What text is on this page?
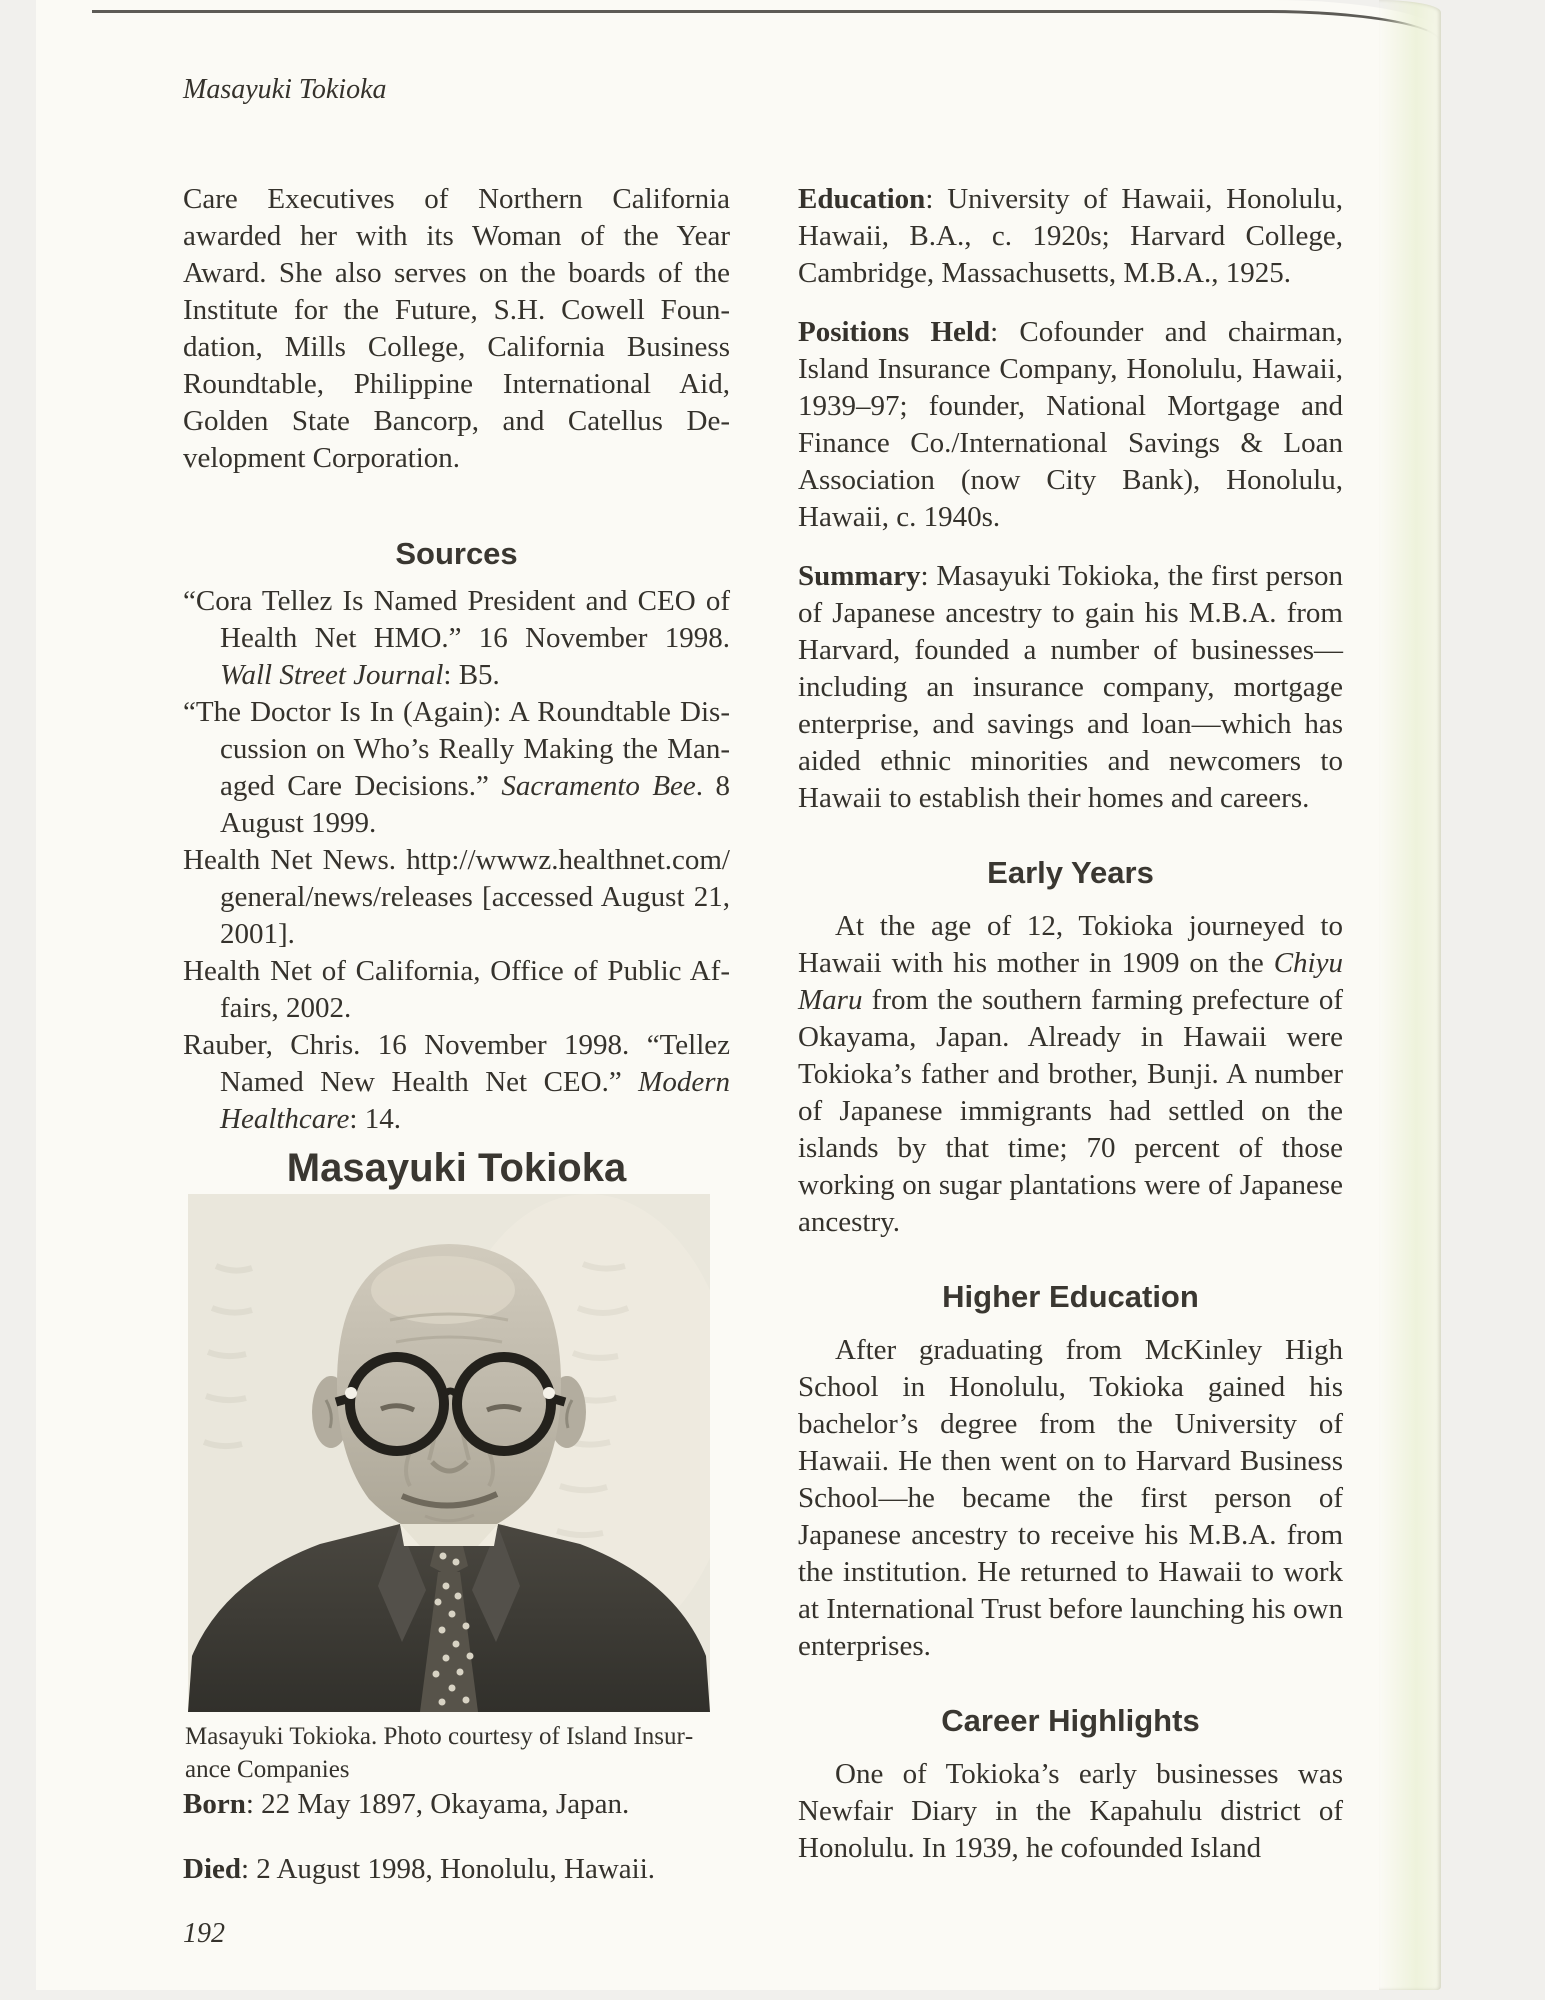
Masayuki Tokioka

Care Executives of Northern California awarded her with its Woman of the Year Award. She also serves on the boards of the Institute for the Future, S.H. Cowell Foundation, Mills College, California Business Roundtable, Philippine International Aid, Golden State Bancorp, and Catellus Development Corporation.

Sources

“Cora Tellez Is Named President and CEO of Health Net HMO.” 16 November 1998. Wall Street Journal: B5.

“The Doctor Is In (Again): A Roundtable Discussion on Who’s Really Making the Managed Care Decisions.” Sacramento Bee. 8 August 1999.

Health Net News. http://wwwz.healthnet.com/​general/news/releases [accessed August 21, 2001].

Health Net of California, Office of Public Affairs, 2002.

Rauber, Chris. 16 November 1998. “Tellez Named New Health Net CEO.” Modern Healthcare: 14.

Masayuki Tokioka
Masayuki Tokioka. Photo courtesy of Island Insurance Companies

Born: 22 May 1897, Okayama, Japan.

Died: 2 August 1998, Honolulu, Hawaii.

Education: University of Hawaii, Honolulu, Hawaii, B.A., c. 1920s; Harvard College, Cambridge, Massachusetts, M.B.A., 1925.

Positions Held: Cofounder and chairman, Island Insurance Company, Honolulu, Hawaii, 1939–97; founder, National Mortgage and Finance Co./International Savings & Loan Association (now City Bank), Honolulu, Hawaii, c. 1940s.

Summary: Masayuki Tokioka, the first person of Japanese ancestry to gain his M.B.A. from Harvard, founded a number of businesses—including an insurance company, mortgage enterprise, and savings and loan—which has aided ethnic minorities and newcomers to Hawaii to establish their homes and careers.

Early Years

At the age of 12, Tokioka journeyed to Hawaii with his mother in 1909 on the Chiyu Maru from the southern farming prefecture of Okayama, Japan. Already in Hawaii were Tokioka’s father and brother, Bunji. A number of Japanese immigrants had settled on the islands by that time; 70 percent of those working on sugar plantations were of Japanese ancestry.

Higher Education

After graduating from McKinley High School in Honolulu, Tokioka gained his bachelor’s degree from the University of Hawaii. He then went on to Harvard Business School—he became the first person of Japanese ancestry to receive his M.B.A. from the institution. He returned to Hawaii to work at International Trust before launching his own enterprises.

Career Highlights

One of Tokioka’s early businesses was Newfair Diary in the Kapahulu district of Honolulu. In 1939, he cofounded Island

192
